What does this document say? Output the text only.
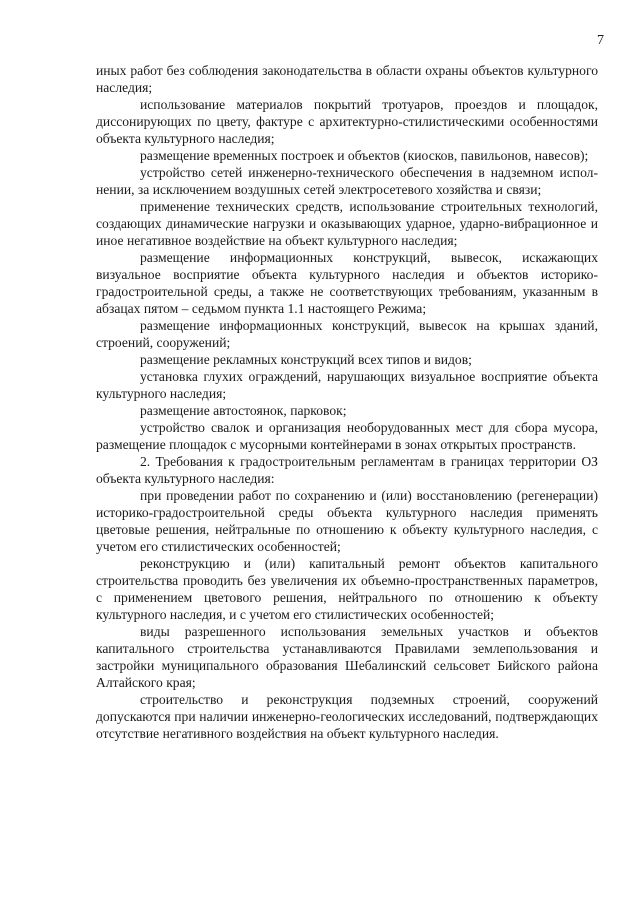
7

иных работ без соблюдения законодательства в области охраны объектов культурного наследия;

использование материалов покрытий тротуаров, проездов и площадок, диссонирующих по цвету, фактуре с архитектурно-стилистическими особенностями объекта культурного наследия;

размещение временных построек и объектов (киосков, павильонов, навесов);

устройство сетей инженерно-технического обеспечения в надземном исполнении, за исключением воздушных сетей электросетевого хозяйства и связи;

применение технических средств, использование строительных технологий, создающих динамические нагрузки и оказывающих ударное, ударно-вибрационное и иное негативное воздействие на объект культурного наследия;

размещение информационных конструкций, вывесок, искажающих визуальное восприятие объекта культурного наследия и объектов историко-градостроительной среды, а также не соответствующих требованиям, указанным в абзацах пятом – седьмом пункта 1.1 настоящего Режима;

размещение информационных конструкций, вывесок на крышах зданий, строений, сооружений;

размещение рекламных конструкций всех типов и видов;

установка глухих ограждений, нарушающих визуальное восприятие объекта культурного наследия;

размещение автостоянок, парковок;

устройство свалок и организация необорудованных мест для сбора мусора, размещение площадок с мусорными контейнерами в зонах открытых пространств.

2. Требования к градостроительным регламентам в границах территории ОЗ объекта культурного наследия:

при проведении работ по сохранению и (или) восстановлению (регенерации) историко-градостроительной среды объекта культурного наследия применять цветовые решения, нейтральные по отношению к объекту культурного наследия, с учетом его стилистических особенностей;

реконструкцию и (или) капитальный ремонт объектов капитального строительства проводить без увеличения их объемно-пространственных параметров, с применением цветового решения, нейтрального по отношению к объекту культурного наследия, и с учетом его стилистических особенностей;

виды разрешенного использования земельных участков и объектов капитального строительства устанавливаются Правилами землепользования и застройки муниципального образования Шебалинский сельсовет Бийского района Алтайского края;

строительство и реконструкция подземных строений, сооружений допускаются при наличии инженерно-геологических исследований, подтверждающих отсутствие негативного воздействия на объект культурного наследия.
